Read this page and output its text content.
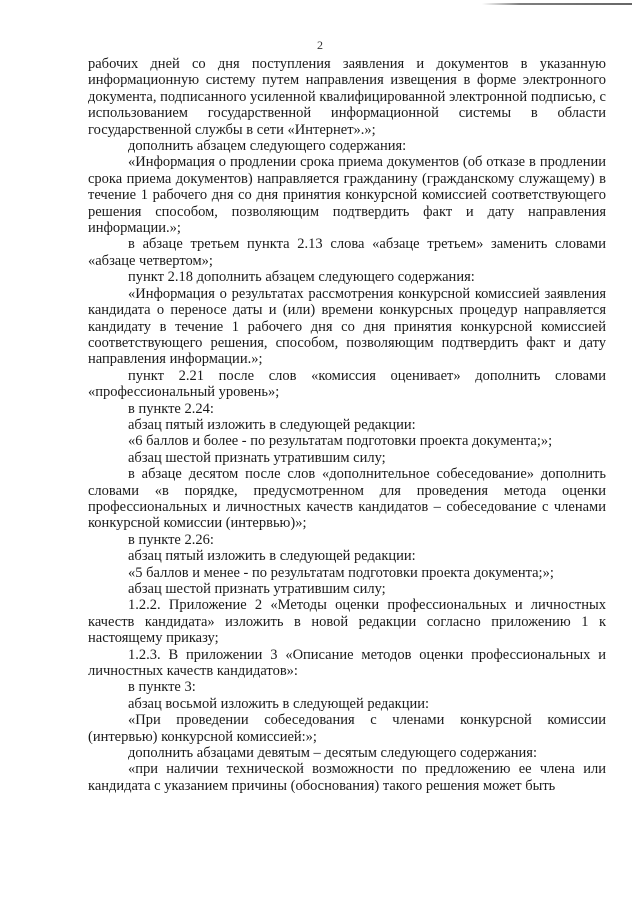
2

рабочих дней со дня поступления заявления и документов в указанную информационную систему путем направления извещения в форме электронного документа, подписанного усиленной квалифицированной электронной подписью, с использованием государственной информационной системы в области государственной службы в сети «Интернет».»;

дополнить абзацем следующего содержания:

«Информация о продлении срока приема документов (об отказе в продлении срока приема документов) направляется гражданину (гражданскому служащему) в течение 1 рабочего дня со дня принятия конкурсной комиссией соответствующего решения способом, позволяющим подтвердить факт и дату направления информации.»;

в абзаце третьем пункта 2.13 слова «абзаце третьем» заменить словами «абзаце четвертом»;

пункт 2.18 дополнить абзацем следующего содержания:

«Информация о результатах рассмотрения конкурсной комиссией заявления кандидата о переносе даты и (или) времени конкурсных процедур направляется кандидату в течение 1 рабочего дня со дня принятия конкурсной комиссией соответствующего решения, способом, позволяющим подтвердить факт и дату направления информации.»;

пункт 2.21 после слов «комиссия оценивает» дополнить словами «профессиональный уровень»;

в пункте 2.24:

абзац пятый изложить в следующей редакции:

«6 баллов и более - по результатам подготовки проекта документа;»;

абзац шестой признать утратившим силу;

в абзаце десятом после слов «дополнительное собеседование» дополнить словами «в порядке, предусмотренном для проведения метода оценки профессиональных и личностных качеств кандидатов – собеседование с членами конкурсной комиссии (интервью)»;

в пункте 2.26:

абзац пятый изложить в следующей редакции:

«5 баллов и менее - по результатам подготовки проекта документа;»;

абзац шестой признать утратившим силу;

1.2.2. Приложение 2 «Методы оценки профессиональных и личностных качеств кандидата» изложить в новой редакции согласно приложению 1 к настоящему приказу;

1.2.3. В приложении 3 «Описание методов оценки профессиональных и личностных качеств кандидатов»:

в пункте 3:

абзац восьмой изложить в следующей редакции:

«При проведении собеседования с членами конкурсной комиссии (интервью) конкурсной комиссией:»;

дополнить абзацами девятым – десятым следующего содержания:

«при наличии технической возможности по предложению ее члена или кандидата с указанием причины (обоснования) такого решения может быть
